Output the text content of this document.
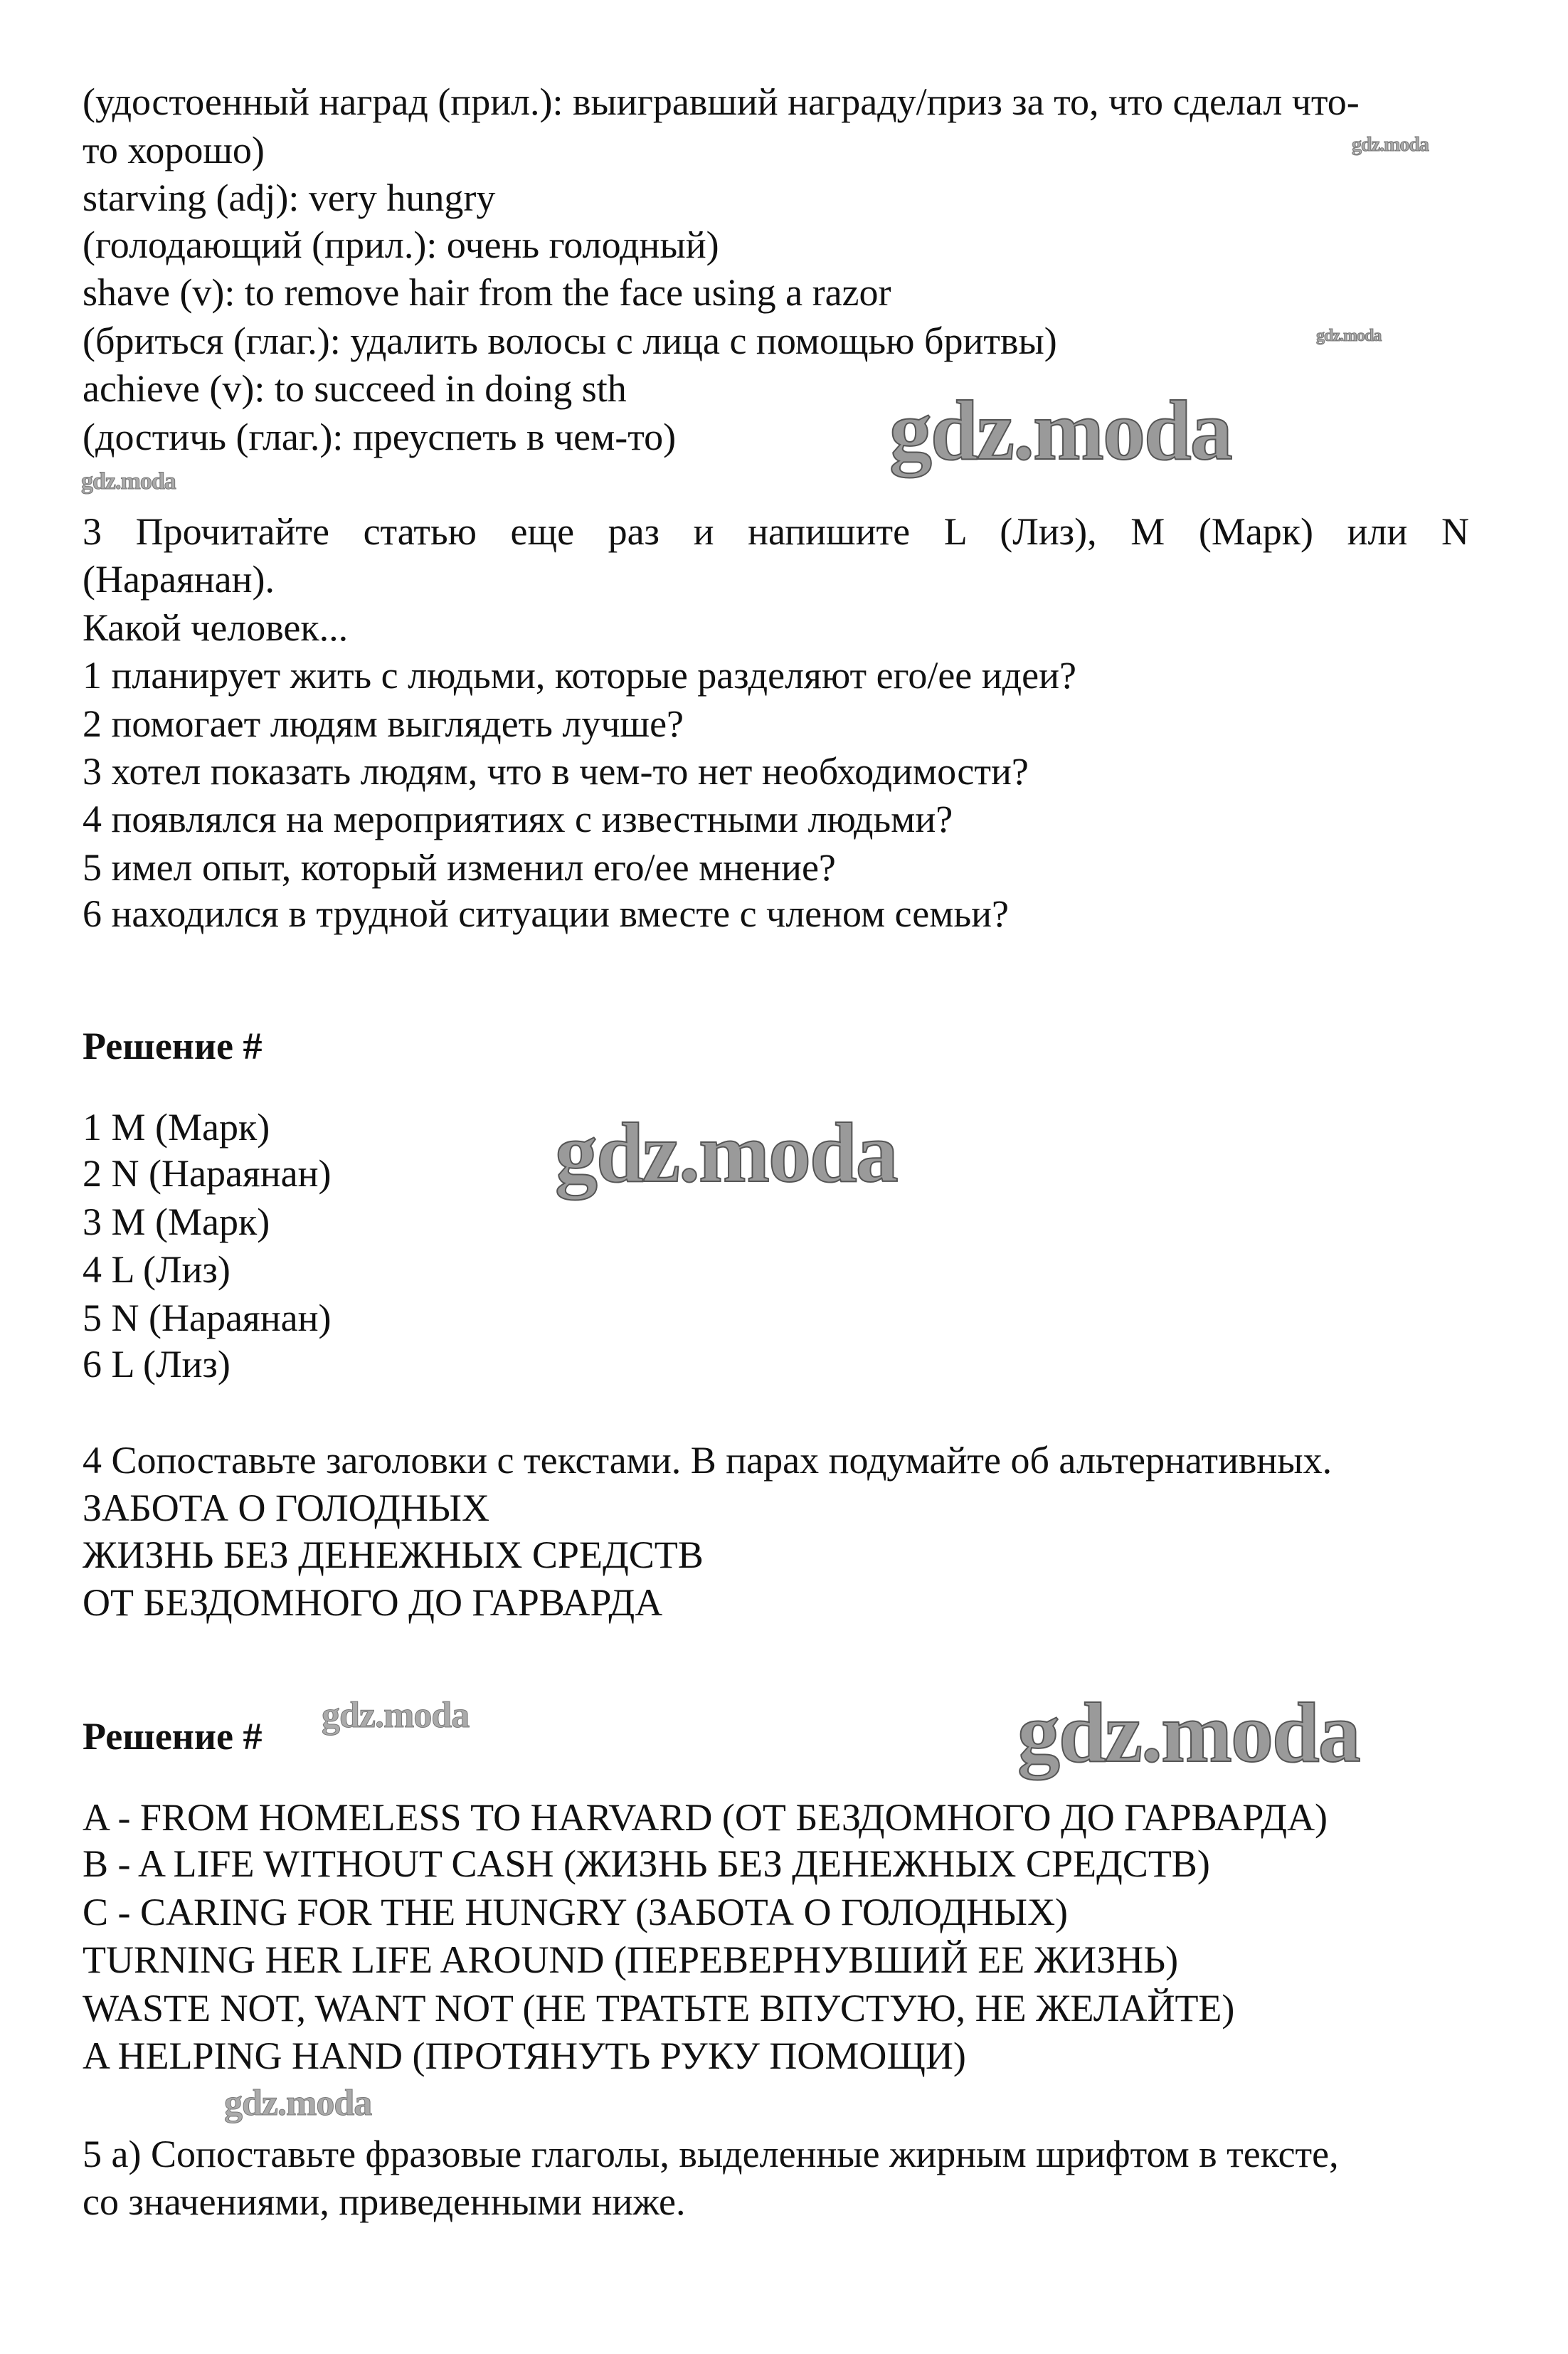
(удостоенный наград (прил.): выигравший награду/приз за то, что сделал что-
то хорошо)
starving (adj): very hungry
(голодающий (прил.): очень голодный)
shave (v): to remove hair from the face using a razor
(бриться (глаг.): удалить волосы с лица с помощью бритвы)
achieve (v): to succeed in doing sth
(достичь (глаг.): преуспеть в чем-то)
3 Прочитайте статью еще раз и напишите L (Лиз), M (Марк) или N
(Нараянан).
Какой человек...
1 планирует жить с людьми, которые разделяют его/ее идеи?
2 помогает людям выглядеть лучше?
3 хотел показать людям, что в чем-то нет необходимости?
4 появлялся на мероприятиях с известными людьми?
5 имел опыт, который изменил его/ее мнение?
6 находился в трудной ситуации вместе с членом семьи?
Решение #
1 M (Марк)
2 N (Нараянан)
3 M (Марк)
4 L (Лиз)
5 N (Нараянан)
6 L (Лиз)
4 Сопоставьте заголовки с текстами. В парах подумайте об альтернативных.
ЗАБОТА О ГОЛОДНЫХ
ЖИЗНЬ БЕЗ ДЕНЕЖНЫХ СРЕДСТВ
ОТ БЕЗДОМНОГО ДО ГАРВАРДА
Решение #
A - FROM HOMELESS TO HARVARD (ОТ БЕЗДОМНОГО ДО ГАРВАРДА)
B - A LIFE WITHOUT CASH (ЖИЗНЬ БЕЗ ДЕНЕЖНЫХ СРЕДСТВ)
C - CARING FOR THE HUNGRY (ЗАБОТА О ГОЛОДНЫХ)
TURNING HER LIFE AROUND (ПЕРЕВЕРНУВШИЙ ЕЕ ЖИЗНЬ)
WASTE NOT, WANT NOT (НЕ ТРАТЬТЕ ВПУСТУЮ, НЕ ЖЕЛАЙТЕ)
A HELPING HAND (ПРОТЯНУТЬ РУКУ ПОМОЩИ)
5 a) Сопоставьте фразовые глаголы, выделенные жирным шрифтом в тексте,
со значениями, приведенными ниже.
gdz.moda
gdz.moda
gdz.moda
gdz.moda
gdz.moda
gdz.moda
gdz.moda
gdz.moda
